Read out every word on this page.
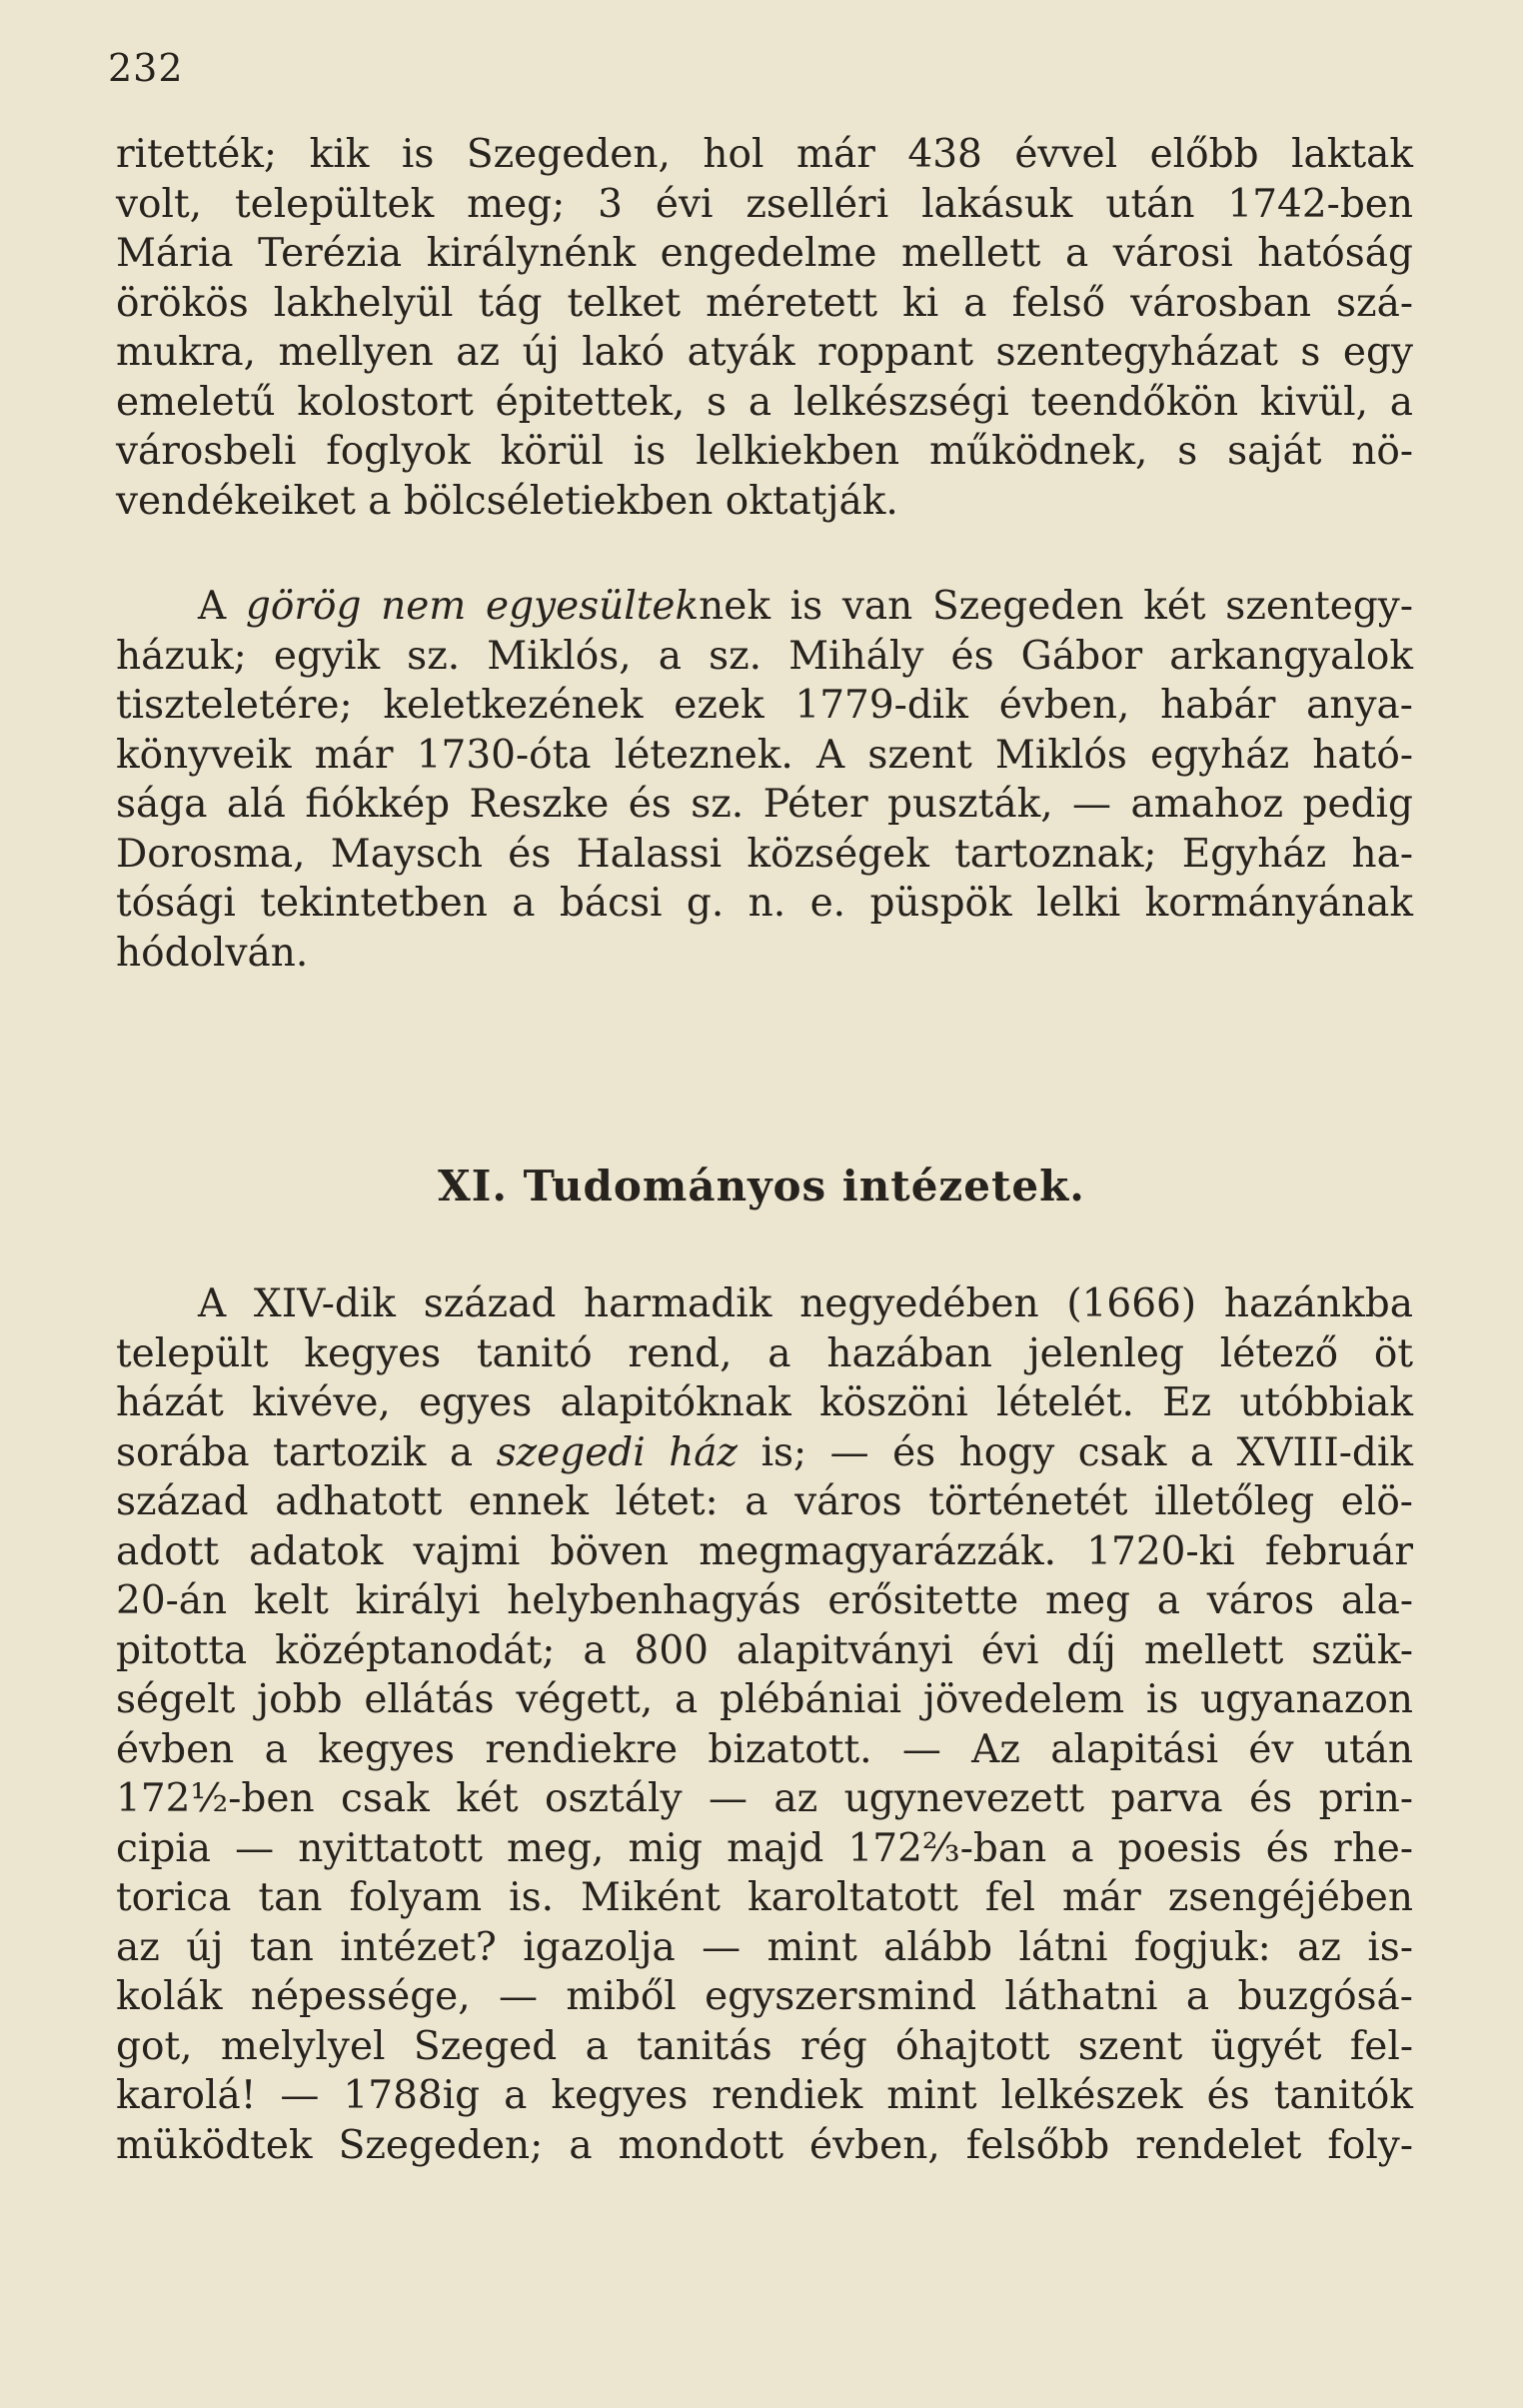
232
ritették; kik is Szegeden, hol már 438 évvel előbb laktak
volt, települtek meg; 3 évi zselléri lakásuk után 1742-ben
Mária Terézia királynénk engedelme mellett a városi hatóság
örökös lakhelyül tág telket méretett ki a felső városban szá-
mukra, mellyen az új lakó atyák roppant szentegyházat s egy
emeletű kolostort épitettek, s a lelkészségi teendőkön kivül, a
városbeli foglyok körül is lelkiekben működnek, s saját nö-
vendékeiket a bölcséletiekben oktatják.
A görög nem egyesülteknek is van Szegeden két szentegy-
házuk; egyik sz. Miklós, a sz. Mihály és Gábor arkangyalok
tiszteletére; keletkezének ezek 1779-dik évben, habár anya-
könyveik már 1730-óta léteznek. A szent Miklós egyház ható-
sága alá fiókkép Reszke és sz. Péter puszták, — amahoz pedig
Dorosma, Maysch és Halassi községek tartoznak; Egyház ha-
tósági tekintetben a bácsi g. n. e. püspök lelki kormányának
hódolván.
XI. Tudományos intézetek.
A XIV-dik század harmadik negyedében (1666) hazánkba
települt kegyes tanitó rend, a hazában jelenleg létező öt
házát kivéve, egyes alapitóknak köszöni lételét. Ez utóbbiak
sorába tartozik a szegedi ház is; — és hogy csak a XVIII-dik
század adhatott ennek létet: a város történetét illetőleg elö-
adott adatok vajmi böven megmagyarázzák. 1720-ki február
20-án kelt királyi helybenhagyás erősitette meg a város ala-
pitotta középtanodát; a 800 alapitványi évi díj mellett szük-
ségelt jobb ellátás végett, a plébániai jövedelem is ugyanazon
évben a kegyes rendiekre bizatott. — Az alapitási év után
172½-ben csak két osztály — az ugynevezett parva és prin-
cipia — nyittatott meg, mig majd 172⅔-ban a poesis és rhe-
torica tan folyam is. Miként karoltatott fel már zsengéjében
az új tan intézet? igazolja — mint alább látni fogjuk: az is-
kolák népessége, — miből egyszersmind láthatni a buzgósá-
got, melylyel Szeged a tanitás rég óhajtott szent ügyét fel-
karolá! — 1788ig a kegyes rendiek mint lelkészek és tanitók
müködtek Szegeden; a mondott évben, felsőbb rendelet foly-
